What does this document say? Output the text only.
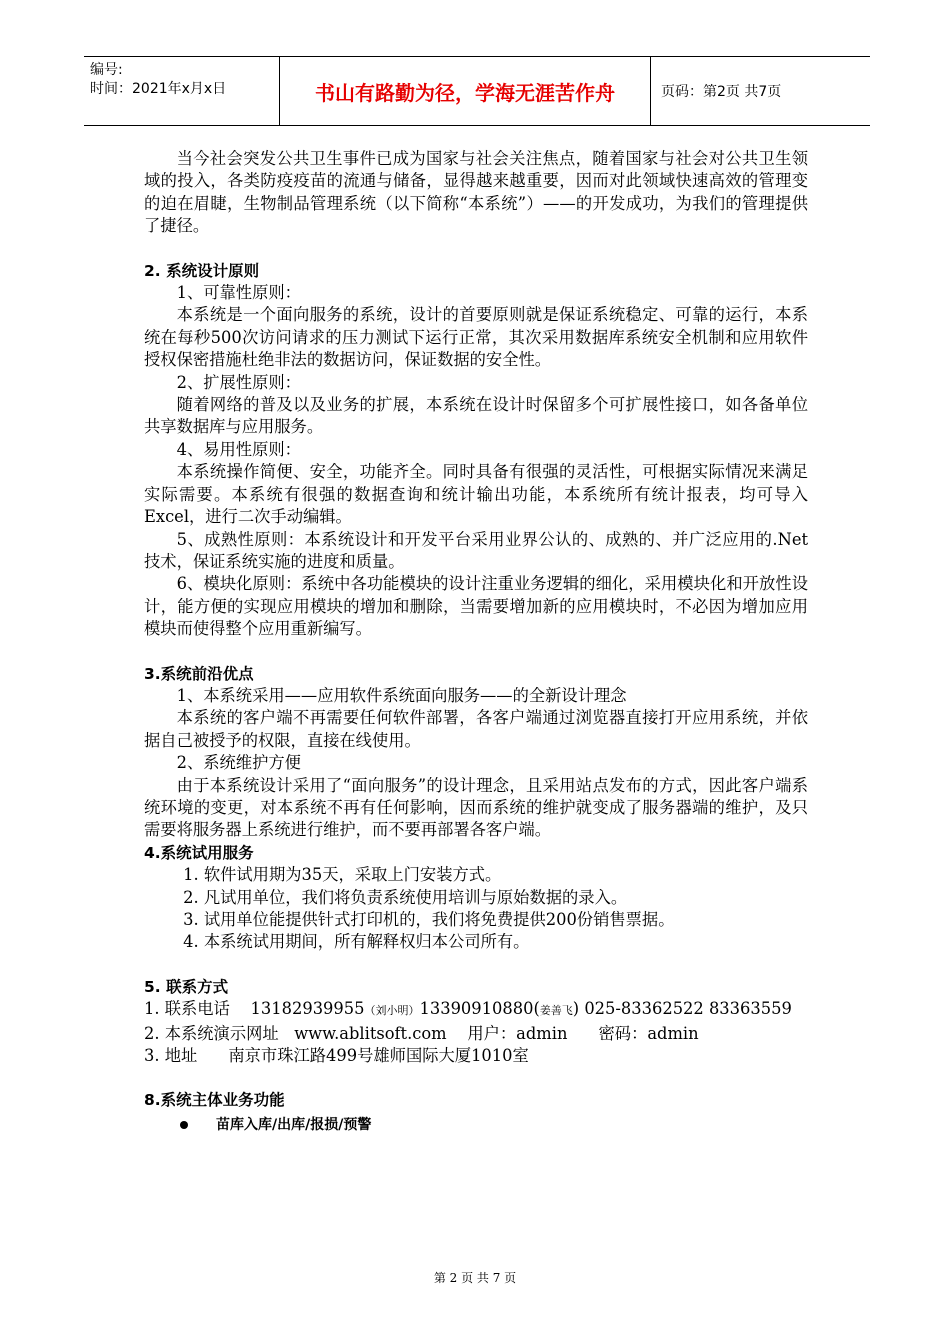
编号:
时间：2021年x月x日	书山有路勤为径，学海无涯苦作舟	页码：第2页 共7页

当今社会突发公共卫生事件已成为国家与社会关注焦点，随着国家与社会对公共卫生领域的投入，各类防疫疫苗的流通与储备，显得越来越重要，因而对此领域快速高效的管理变的迫在眉睫，生物制品管理系统（以下简称“本系统”）——的开发成功，为我们的管理提供了捷径。

2. 系统设计原则

1、可靠性原则：

本系统是一个面向服务的系统，设计的首要原则就是保证系统稳定、可靠的运行，本系统在每秒500次访问请求的压力测试下运行正常，其次采用数据库系统安全机制和应用软件授权保密措施杜绝非法的数据访问，保证数据的安全性。

2、扩展性原则：

随着网络的普及以及业务的扩展，本系统在设计时保留多个可扩展性接口，如各备单位共享数据库与应用服务。

4、易用性原则：

本系统操作简便、安全，功能齐全。同时具备有很强的灵活性，可根据实际情况来满足实际需要。本系统有很强的数据查询和统计输出功能，本系统所有统计报表，均可导入Excel，进行二次手动编辑。

5、成熟性原则：本系统设计和开发平台采用业界公认的、成熟的、并广泛应用的.Net技术，保证系统实施的进度和质量。

6、模块化原则：系统中各功能模块的设计注重业务逻辑的细化，采用模块化和开放性设计，能方便的实现应用模块的增加和删除，当需要增加新的应用模块时，不必因为增加应用模块而使得整个应用重新编写。

3.系统前沿优点

1、本系统采用——应用软件系统面向服务——的全新设计理念

本系统的客户端不再需要任何软件部署，各客户端通过浏览器直接打开应用系统，并依据自己被授予的权限，直接在线使用。

2、系统维护方便

由于本系统设计采用了“面向服务”的设计理念，且采用站点发布的方式，因此客户端系统环境的变更，对本系统不再有任何影响，因而系统的维护就变成了服务器端的维护，及只需要将服务器上系统进行维护，而不要再部署各客户端。

4.系统试用服务

1. 软件试用期为35天，采取上门安装方式。

2. 凡试用单位，我们将负责系统使用培训与原始数据的录入。

3. 试用单位能提供针式打印机的，我们将免费提供200份销售票据。

4. 本系统试用期间，所有解释权归本公司所有。

5. 联系方式

1. 联系电话 13182939955（刘小明）13390910880(姜善飞) 025-83362522 83363559

2. 本系统演示网址 www.ablitsoft.com 用户：admin 密码：admin

3. 地址 南京市珠江路499号雄师国际大厦1010室

8.系统主体业务功能

苗库入库/出库/报损/预警
第 2 页 共 7 页
